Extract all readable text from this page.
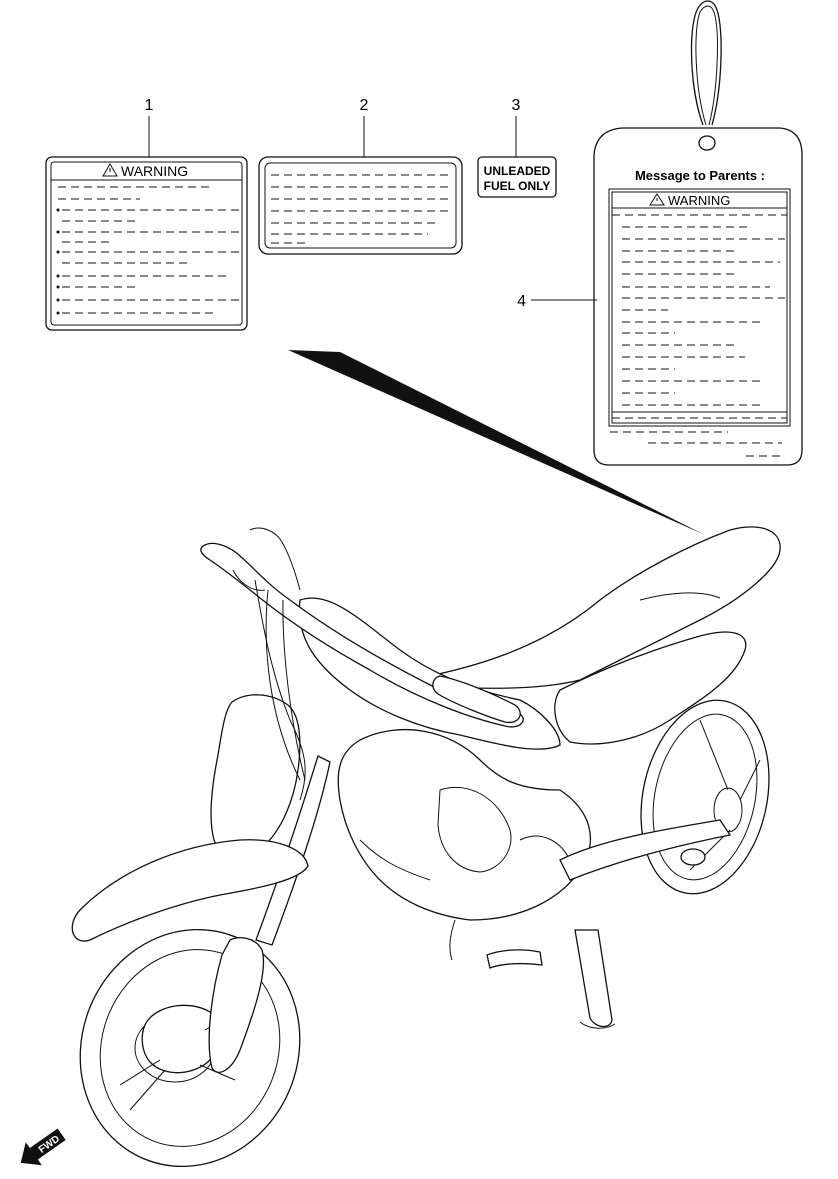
1
WARNING
2	3
UNLEADED
FUEL ONLY
4
Message to Parents :
WARNING
FWD
